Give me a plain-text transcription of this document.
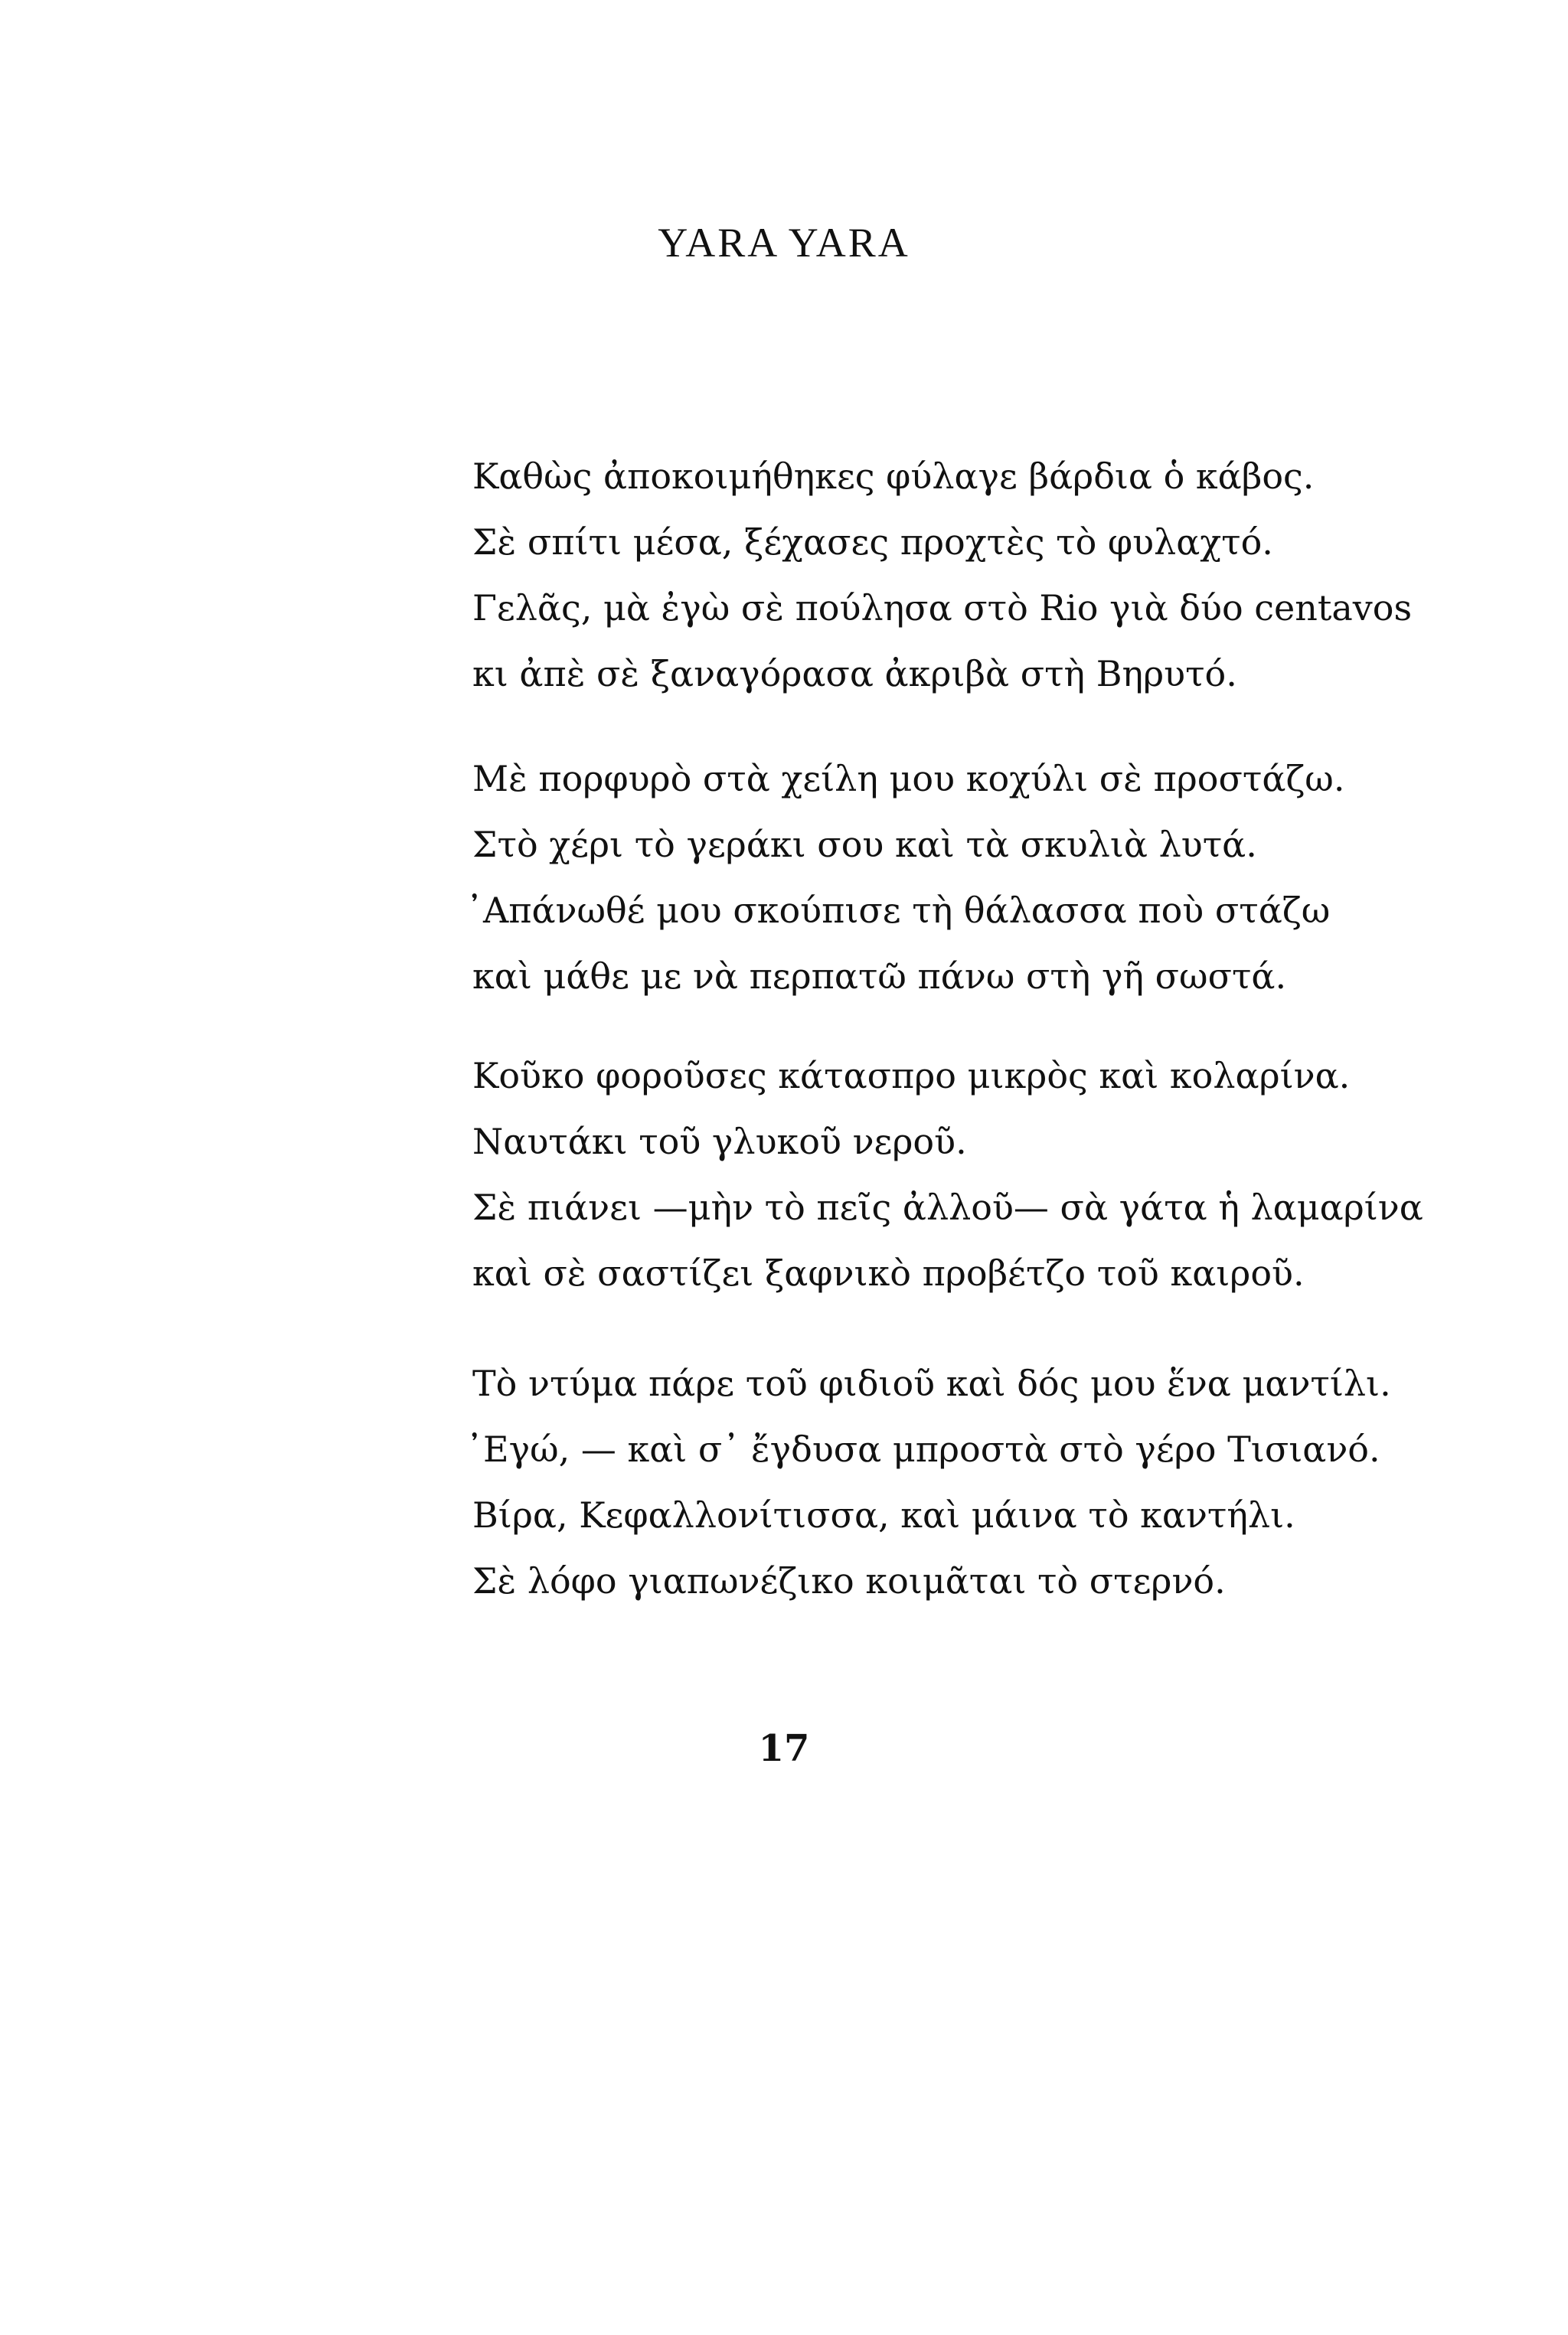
YARA YARA
Καθὼς ἀποκοιμήθηκες φύλαγε βάρδια ὁ κάβος.
Σὲ σπίτι μέσα, ξέχασες προχτὲς τὸ φυλαχτό.
Γελᾶς, μὰ ἐγὼ σὲ πούλησα στὸ Rio γιὰ δύο centavos
κι ἀπὲ σὲ ξαναγόρασα ἀκριβὰ στὴ Βηρυτό.
Μὲ πορφυρὸ στὰ χείλη μου κοχύλι σὲ προστάζω.
Στὸ χέρι τὸ γεράκι σου καὶ τὰ σκυλιὰ λυτά.
᾿Απάνωθέ μου σκούπισε τὴ θάλασσα ποὺ στάζω
καὶ μάθε με νὰ περπατῶ πάνω στὴ γῆ σωστά.
Κοῦκο φοροῦσες κάτασπρο μικρὸς καὶ κολαρίνα.
Ναυτάκι τοῦ γλυκοῦ νεροῦ.
Σὲ πιάνει —μὴν τὸ πεῖς ἀλλοῦ— σὰ γάτα ἡ λαμαρίνα
καὶ σὲ σαστίζει ξαφνικὸ προβέτζο τοῦ καιροῦ.
Τὸ ντύμα πάρε τοῦ φιδιοῦ καὶ δός μου ἕνα μαντίλι.
᾿Εγώ, — καὶ σ᾿ ἔγδυσα μπροστὰ στὸ γέρο Τισιανό.
Βίρα, Κεφαλλονίτισσα, καὶ μάινα τὸ καντήλι.
Σὲ λόφο γιαπωνέζικο κοιμᾶται τὸ στερνό.
17
